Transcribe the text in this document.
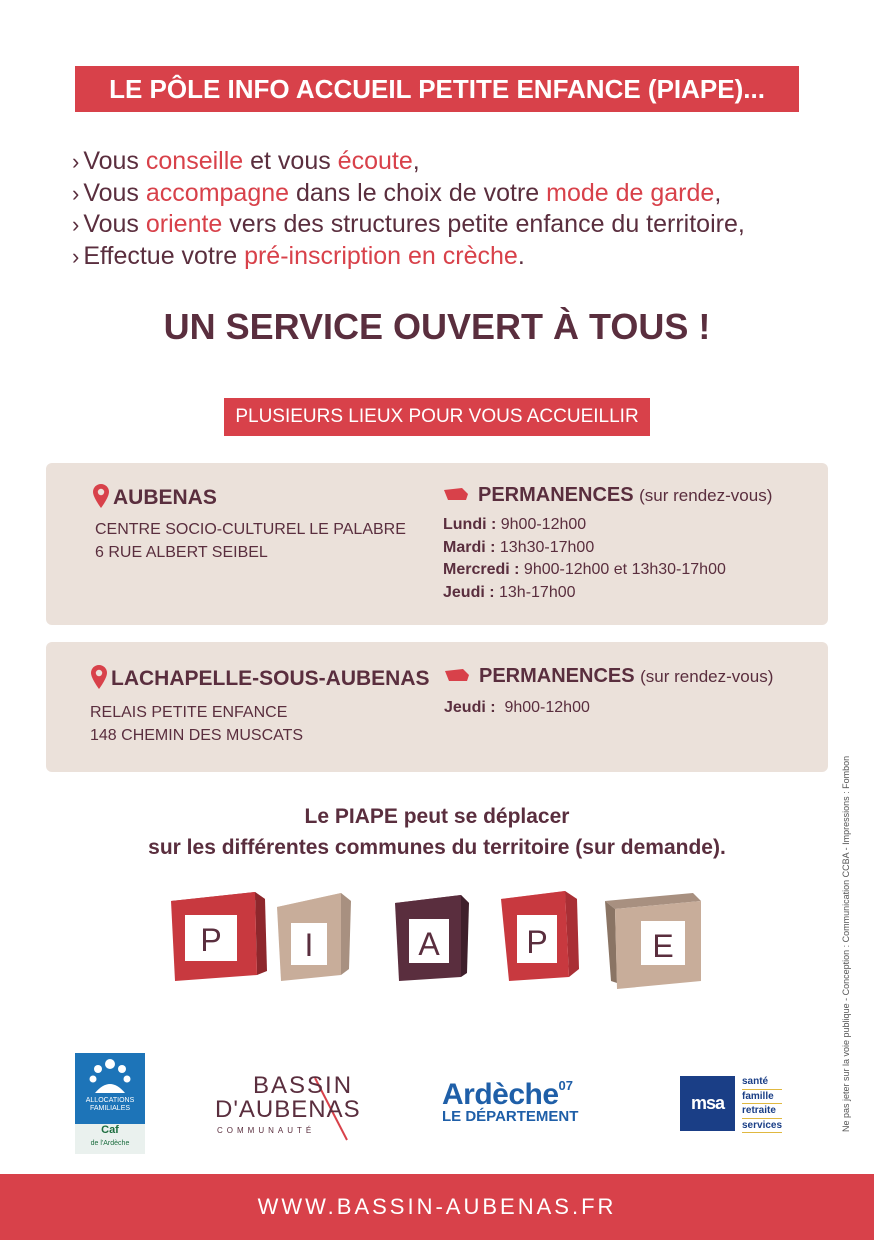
LE PÔLE INFO ACCUEIL PETITE ENFANCE (PIAPE)...
› Vous conseille et vous écoute,
› Vous accompagne dans le choix de votre mode de garde,
› Vous oriente vers des structures petite enfance du territoire,
› Effectue votre pré-inscription en crèche.
UN SERVICE OUVERT À TOUS !
PLUSIEURS LIEUX POUR VOUS ACCUEILLIR
AUBENAS
CENTRE SOCIO-CULTUREL LE PALABRE
6 RUE ALBERT SEIBEL
PERMANENCES (sur rendez-vous)
Lundi : 9h00-12h00
Mardi : 13h30-17h00
Mercredi : 9h00-12h00 et 13h30-17h00
Jeudi : 13h-17h00
LACHAPELLE-SOUS-AUBENAS
RELAIS PETITE ENFANCE
148 CHEMIN DES MUSCATS
PERMANENCES (sur rendez-vous)
Jeudi :  9h00-12h00
Le PIAPE peut se déplacer
sur les différentes communes du territoire (sur demande).
P	I	A	P	E
ALLOCATIONS
FAMILIALES
Caf
de l'Ardèche
BASSIN
D'AUBENAS
COMMUNAUTÉ
Ardèche$^{07}$
LE DÉPARTEMENT
msa
santé
famille
retraite
services	Ne pas jeter sur la voie publique - Conception : Communication CCBA - Impressions : Fombon
WWW.BASSIN-AUBENAS.FR
